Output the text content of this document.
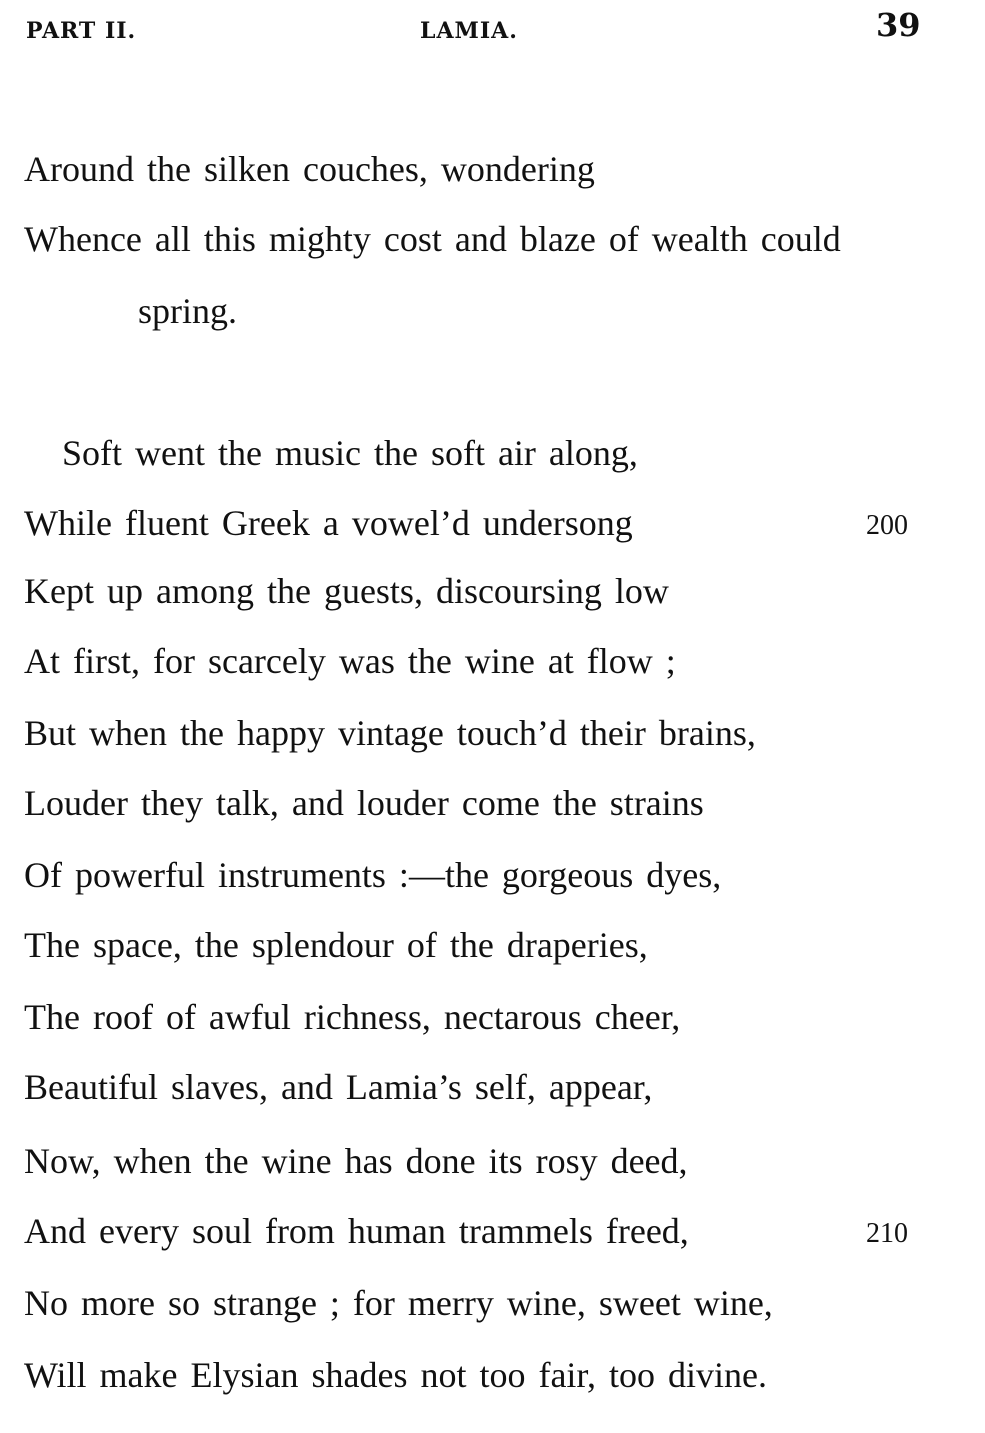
PART II.	LAMIA.	39
Around the silken couches, wondering
Whence all this mighty cost and blaze of wealth could
spring.
Soft went the music the soft air along,
While fluent Greek a vowel’d undersong	200
Kept up among the guests, discoursing low
At first, for scarcely was the wine at flow ;
But when the happy vintage touch’d their brains,
Louder they talk, and louder come the strains
Of powerful instruments :—the gorgeous dyes,
The space, the splendour of the draperies,
The roof of awful richness, nectarous cheer,
Beautiful slaves, and Lamia’s self, appear,
Now, when the wine has done its rosy deed,
And every soul from human trammels freed,	210
No more so strange ; for merry wine, sweet wine,
Will make Elysian shades not too fair, too divine.
